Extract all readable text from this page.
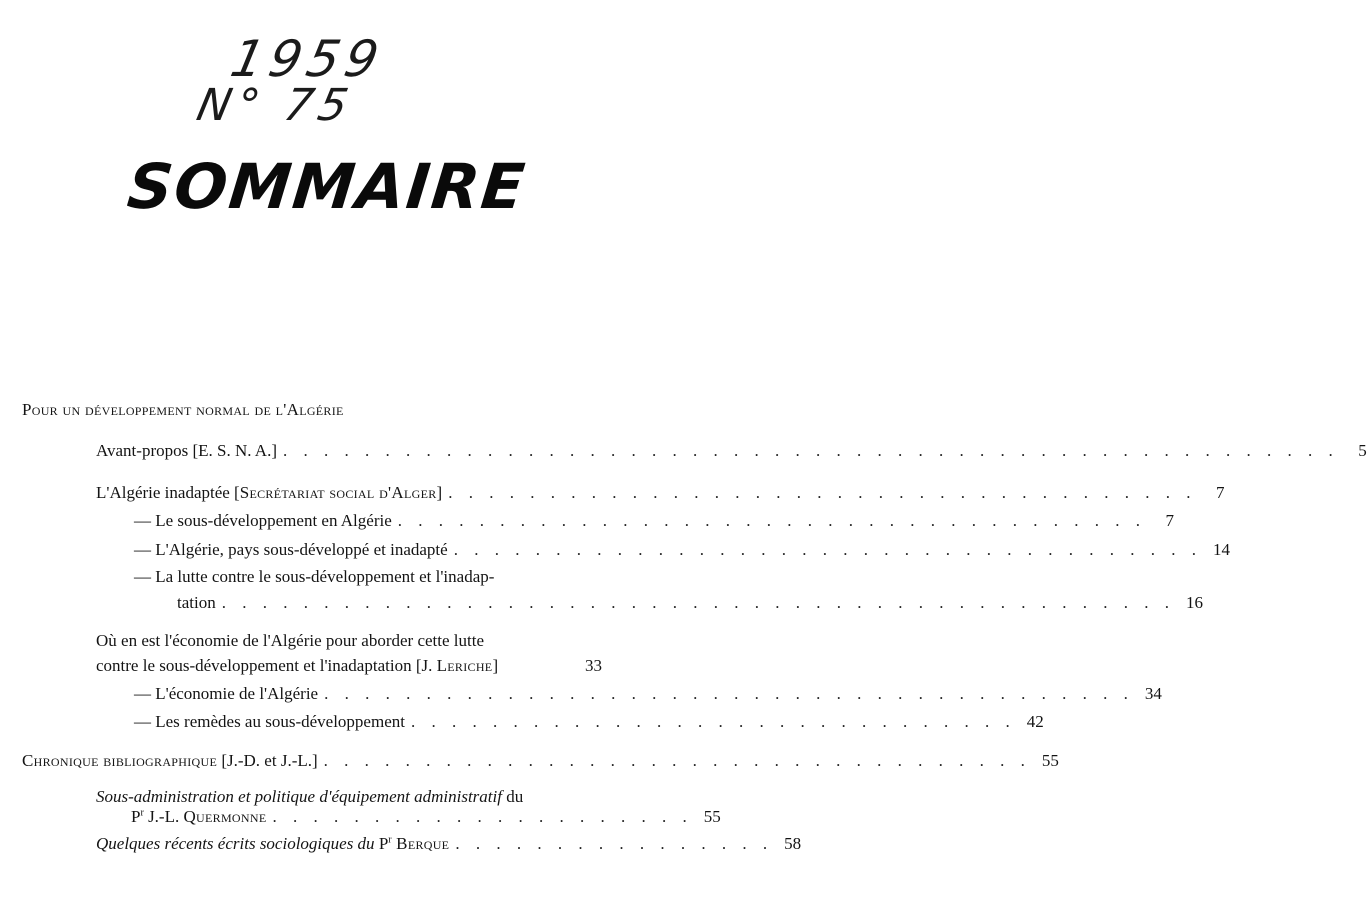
1959
N° 75
SOMMAIRE
Pour un développement normal de l'Algérie
Avant-propos [E. S. N. A.] . . . . . . . . . . . . . . . . . . . . . . . . . . . . . . . . . . . . . . . . . . . . . . . . . . . .	5
L'Algérie inadaptée [Secrétariat social d'Alger] . . . . . . . . . . . . . . . . . . . . . . . . . . . . . . . . . . . . .	7
— Le sous-développement en Algérie . . . . . . . . . . . . . . . . . . . . . . . . . . . . . . . . . . . . .	7
— L'Algérie, pays sous-développé et inadapté . . . . . . . . . . . . . . . . . . . . . . . . . . . . . . . . . . . . . 14
— La lutte contre le sous-développement et l'inadap-
tation . . . . . . . . . . . . . . . . . . . . . . . . . . . . . . . . . . . . . . . . . . . . . . . 16
Où en est l'économie de l'Algérie pour aborder cette lutte
contre le sous-développement et l'inadaptation [J. Leriche]	33
— L'économie de l'Algérie . . . . . . . . . . . . . . . . . . . . . . . . . . . . . . . . . . . . . . . . 34
— Les remèdes au sous-développement . . . . . . . . . . . . . . . . . . . . . . . . . . . . . . 42
Chronique bibliographique [J.-D. et J.-L.] . . . . . . . . . . . . . . . . . . . . . . . . . . . . . . . . . . . 55
Sous-administration et politique d'équipement administratif du
$P^r$ J.-L. Quermonne . . . . . . . . . . . . . . . . . . . . . 55
Quelques récents écrits sociologiques du $P^r$ Berque . . . . . . . . . . . . . . . . 58
